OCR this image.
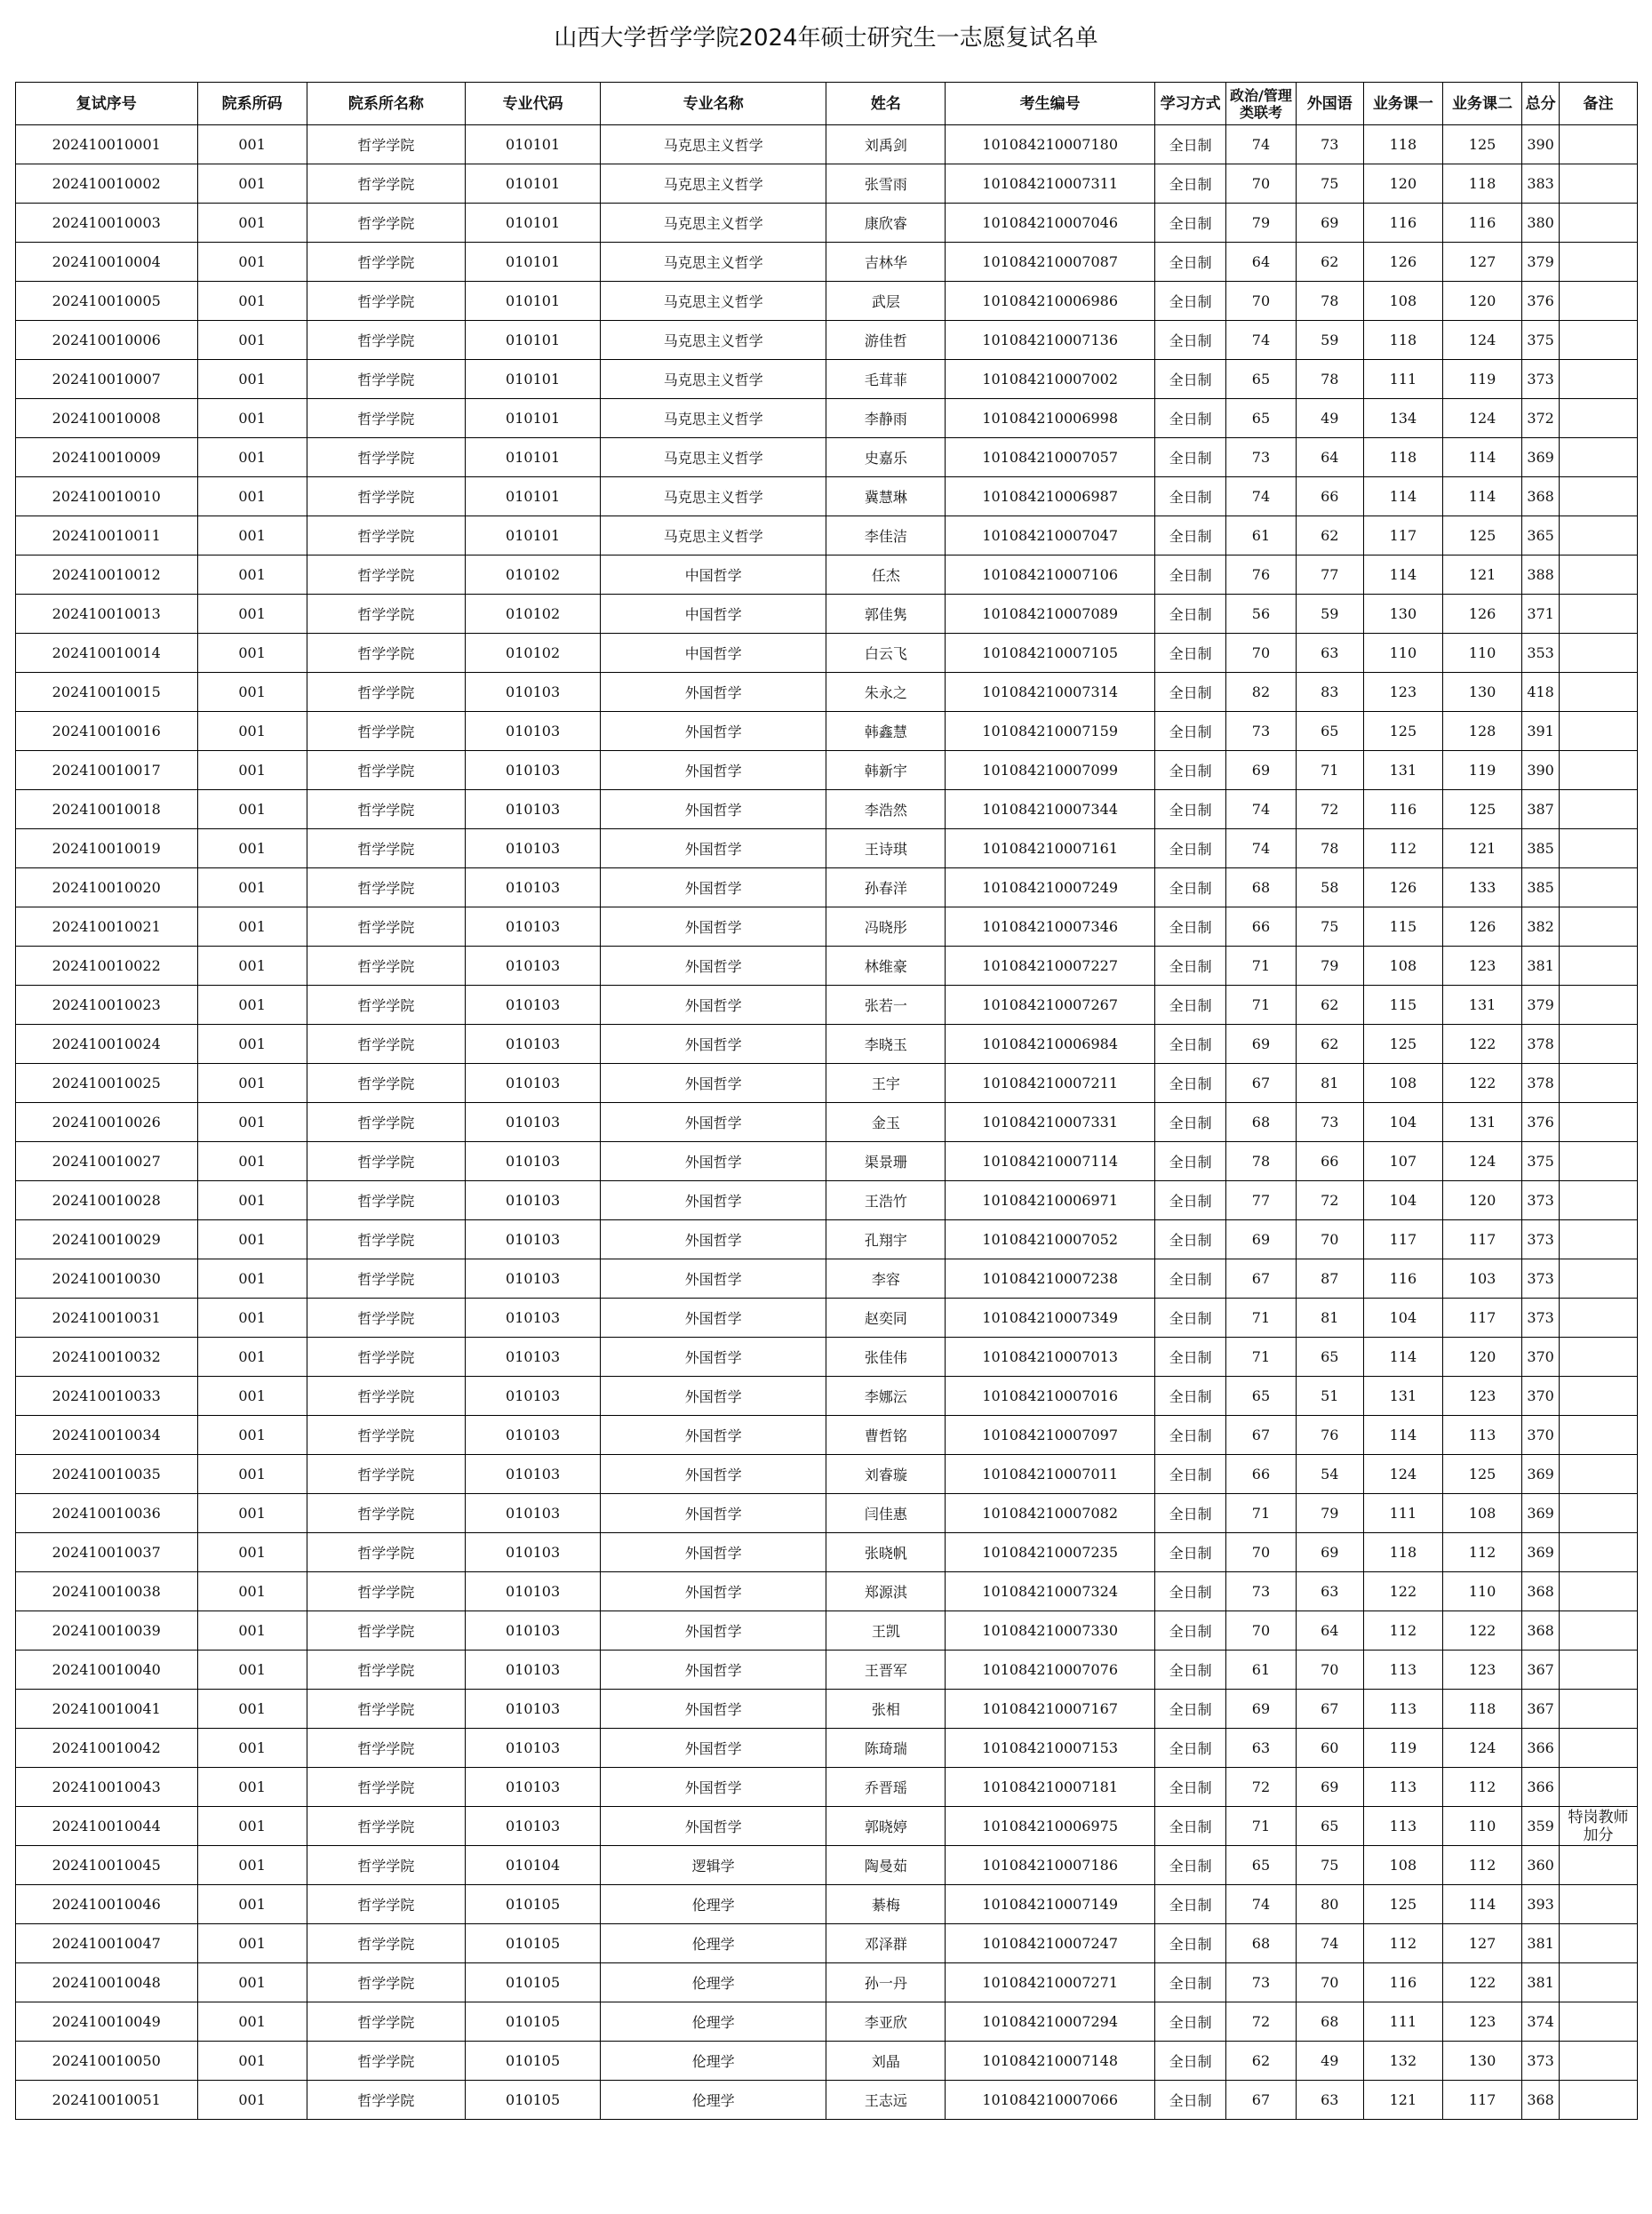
山西大学哲学学院2024年硕士研究生一志愿复试名单
复试序号	院系所码	院系所名称	专业代码	专业名称	姓名	考生编号	学习方式	政治/管理类联考	外国语	业务课一	业务课二	总分	备注
202410010001	001	哲学学院	010101	马克思主义哲学	刘禹剑	101084210007180	全日制	74	73	118	125	390	
202410010002	001	哲学学院	010101	马克思主义哲学	张雪雨	101084210007311	全日制	70	75	120	118	383	
202410010003	001	哲学学院	010101	马克思主义哲学	康欣睿	101084210007046	全日制	79	69	116	116	380	
202410010004	001	哲学学院	010101	马克思主义哲学	吉林华	101084210007087	全日制	64	62	126	127	379	
202410010005	001	哲学学院	010101	马克思主义哲学	武层	101084210006986	全日制	70	78	108	120	376	
202410010006	001	哲学学院	010101	马克思主义哲学	游佳哲	101084210007136	全日制	74	59	118	124	375	
202410010007	001	哲学学院	010101	马克思主义哲学	毛茸菲	101084210007002	全日制	65	78	111	119	373	
202410010008	001	哲学学院	010101	马克思主义哲学	李静雨	101084210006998	全日制	65	49	134	124	372	
202410010009	001	哲学学院	010101	马克思主义哲学	史嘉乐	101084210007057	全日制	73	64	118	114	369	
202410010010	001	哲学学院	010101	马克思主义哲学	冀慧琳	101084210006987	全日制	74	66	114	114	368	
202410010011	001	哲学学院	010101	马克思主义哲学	李佳洁	101084210007047	全日制	61	62	117	125	365	
202410010012	001	哲学学院	010102	中国哲学	任杰	101084210007106	全日制	76	77	114	121	388	
202410010013	001	哲学学院	010102	中国哲学	郭佳隽	101084210007089	全日制	56	59	130	126	371	
202410010014	001	哲学学院	010102	中国哲学	白云飞	101084210007105	全日制	70	63	110	110	353	
202410010015	001	哲学学院	010103	外国哲学	朱永之	101084210007314	全日制	82	83	123	130	418	
202410010016	001	哲学学院	010103	外国哲学	韩鑫慧	101084210007159	全日制	73	65	125	128	391	
202410010017	001	哲学学院	010103	外国哲学	韩新宇	101084210007099	全日制	69	71	131	119	390	
202410010018	001	哲学学院	010103	外国哲学	李浩然	101084210007344	全日制	74	72	116	125	387	
202410010019	001	哲学学院	010103	外国哲学	王诗琪	101084210007161	全日制	74	78	112	121	385	
202410010020	001	哲学学院	010103	外国哲学	孙春洋	101084210007249	全日制	68	58	126	133	385	
202410010021	001	哲学学院	010103	外国哲学	冯晓彤	101084210007346	全日制	66	75	115	126	382	
202410010022	001	哲学学院	010103	外国哲学	林维豪	101084210007227	全日制	71	79	108	123	381	
202410010023	001	哲学学院	010103	外国哲学	张若一	101084210007267	全日制	71	62	115	131	379	
202410010024	001	哲学学院	010103	外国哲学	李晓玉	101084210006984	全日制	69	62	125	122	378	
202410010025	001	哲学学院	010103	外国哲学	王宇	101084210007211	全日制	67	81	108	122	378	
202410010026	001	哲学学院	010103	外国哲学	金玉	101084210007331	全日制	68	73	104	131	376	
202410010027	001	哲学学院	010103	外国哲学	渠景珊	101084210007114	全日制	78	66	107	124	375	
202410010028	001	哲学学院	010103	外国哲学	王浩竹	101084210006971	全日制	77	72	104	120	373	
202410010029	001	哲学学院	010103	外国哲学	孔翔宇	101084210007052	全日制	69	70	117	117	373	
202410010030	001	哲学学院	010103	外国哲学	李容	101084210007238	全日制	67	87	116	103	373	
202410010031	001	哲学学院	010103	外国哲学	赵奕同	101084210007349	全日制	71	81	104	117	373	
202410010032	001	哲学学院	010103	外国哲学	张佳伟	101084210007013	全日制	71	65	114	120	370	
202410010033	001	哲学学院	010103	外国哲学	李娜沄	101084210007016	全日制	65	51	131	123	370	
202410010034	001	哲学学院	010103	外国哲学	曹哲铭	101084210007097	全日制	67	76	114	113	370	
202410010035	001	哲学学院	010103	外国哲学	刘睿璇	101084210007011	全日制	66	54	124	125	369	
202410010036	001	哲学学院	010103	外国哲学	闫佳惠	101084210007082	全日制	71	79	111	108	369	
202410010037	001	哲学学院	010103	外国哲学	张晓帆	101084210007235	全日制	70	69	118	112	369	
202410010038	001	哲学学院	010103	外国哲学	郑源淇	101084210007324	全日制	73	63	122	110	368	
202410010039	001	哲学学院	010103	外国哲学	王凯	101084210007330	全日制	70	64	112	122	368	
202410010040	001	哲学学院	010103	外国哲学	王晋军	101084210007076	全日制	61	70	113	123	367	
202410010041	001	哲学学院	010103	外国哲学	张相	101084210007167	全日制	69	67	113	118	367	
202410010042	001	哲学学院	010103	外国哲学	陈琦瑞	101084210007153	全日制	63	60	119	124	366	
202410010043	001	哲学学院	010103	外国哲学	乔晋瑶	101084210007181	全日制	72	69	113	112	366	
202410010044	001	哲学学院	010103	外国哲学	郭晓婷	101084210006975	全日制	71	65	113	110	359	特岗教师加分
202410010045	001	哲学学院	010104	逻辑学	陶曼茹	101084210007186	全日制	65	75	108	112	360	
202410010046	001	哲学学院	010105	伦理学	綦梅	101084210007149	全日制	74	80	125	114	393	
202410010047	001	哲学学院	010105	伦理学	邓泽群	101084210007247	全日制	68	74	112	127	381	
202410010048	001	哲学学院	010105	伦理学	孙一丹	101084210007271	全日制	73	70	116	122	381	
202410010049	001	哲学学院	010105	伦理学	李亚欣	101084210007294	全日制	72	68	111	123	374	
202410010050	001	哲学学院	010105	伦理学	刘晶	101084210007148	全日制	62	49	132	130	373	
202410010051	001	哲学学院	010105	伦理学	王志远	101084210007066	全日制	67	63	121	117	368	
